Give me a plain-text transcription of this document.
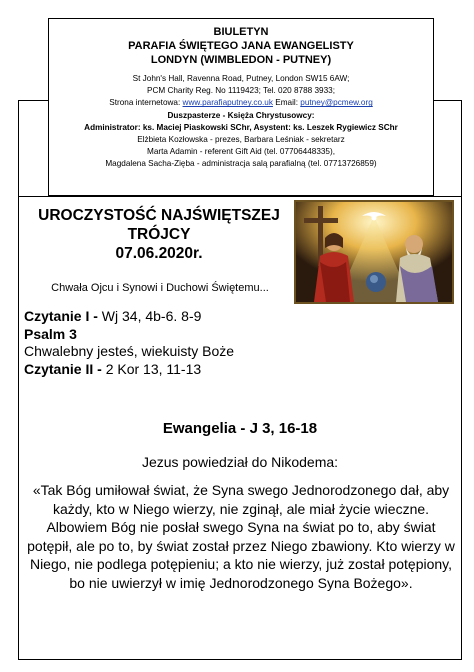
BIULETYN
PARAFIA ŚWIĘTEGO JANA EWANGELISTY
LONDYN (WIMBLEDON - PUTNEY)
St John's Hall, Ravenna Road, Putney, London SW15 6AW;
PCM Charity Reg. No 1119423; Tel. 020 8788 3933;
Strona internetowa: www.parafiaputney.co.uk Email: putney@pcmew.org
Duszpasterze - Księża Chrystusowcy:
Administrator: ks. Maciej Piaskowski SChr, Asystent: ks. Leszek Rygiewicz SChr
Elżbieta Kozłowska - prezes, Barbara Leśniak - sekretarz
Marta Adamin - referent Gift Aid (tel. 07706448335),
Magdalena Sacha-Zięba - administracja salą parafialną (tel. 07713726859)
UROCZYSTOŚĆ NAJŚWIĘTSZEJ
TRÓJCY
07.06.2020r.
Chwała Ojcu i Synowi i Duchowi Świętemu...
Czytanie I - Wj 34, 4b-6. 8-9
Psalm 3
Chwalebny jesteś, wiekuisty Boże
Czytanie II - 2 Kor 13, 11-13
Ewangelia - J 3, 16-18
Jezus powiedział do Nikodema:
«Tak Bóg umiłował świat, że Syna swego Jednorodzonego dał, aby każdy, kto w Niego wierzy, nie zginął, ale miał życie wieczne. Albowiem Bóg nie posłał swego Syna na świat po to, aby świat potępił, ale po to, by świat został przez Niego zbawiony. Kto wierzy w Niego, nie podlega potępieniu; a kto nie wierzy, już został potępiony, bo nie uwierzył w imię Jednorodzonego Syna Bożego».
